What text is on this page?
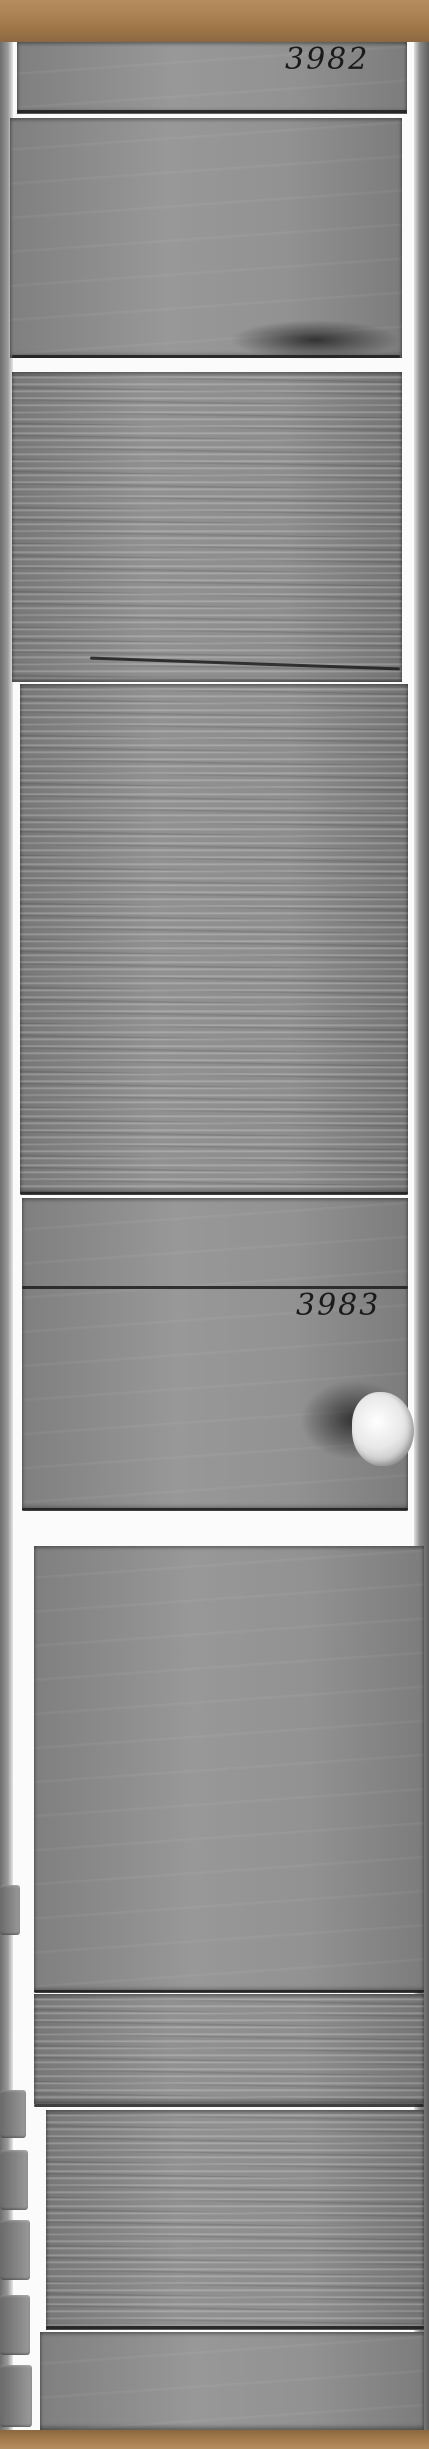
3982
3983
